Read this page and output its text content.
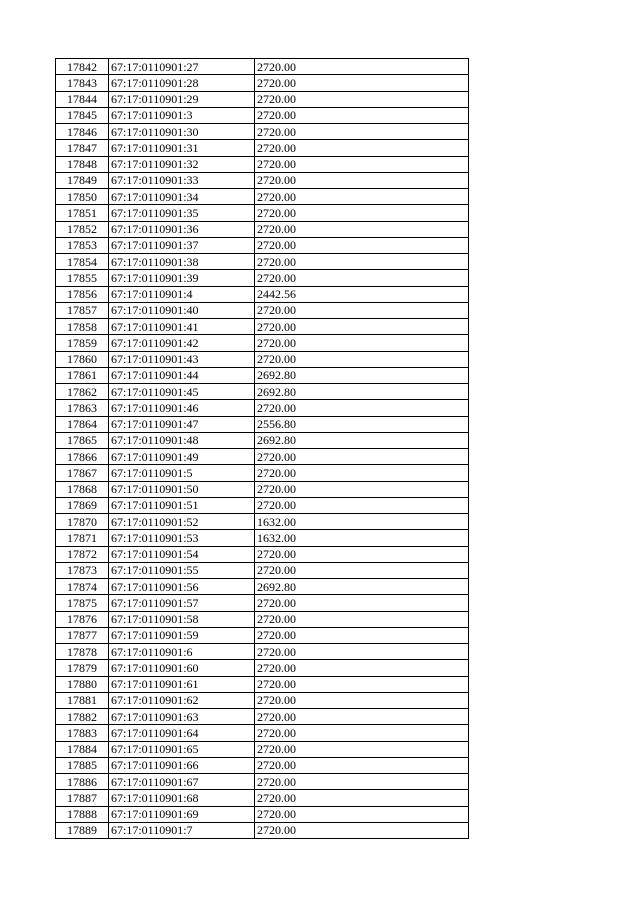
17842	67:17:0110901:27	2720.00
17843	67:17:0110901:28	2720.00
17844	67:17:0110901:29	2720.00
17845	67:17:0110901:3	2720.00
17846	67:17:0110901:30	2720.00
17847	67:17:0110901:31	2720.00
17848	67:17:0110901:32	2720.00
17849	67:17:0110901:33	2720.00
17850	67:17:0110901:34	2720.00
17851	67:17:0110901:35	2720.00
17852	67:17:0110901:36	2720.00
17853	67:17:0110901:37	2720.00
17854	67:17:0110901:38	2720.00
17855	67:17:0110901:39	2720.00
17856	67:17:0110901:4	2442.56
17857	67:17:0110901:40	2720.00
17858	67:17:0110901:41	2720.00
17859	67:17:0110901:42	2720.00
17860	67:17:0110901:43	2720.00
17861	67:17:0110901:44	2692.80
17862	67:17:0110901:45	2692.80
17863	67:17:0110901:46	2720.00
17864	67:17:0110901:47	2556.80
17865	67:17:0110901:48	2692.80
17866	67:17:0110901:49	2720.00
17867	67:17:0110901:5	2720.00
17868	67:17:0110901:50	2720.00
17869	67:17:0110901:51	2720.00
17870	67:17:0110901:52	1632.00
17871	67:17:0110901:53	1632.00
17872	67:17:0110901:54	2720.00
17873	67:17:0110901:55	2720.00
17874	67:17:0110901:56	2692.80
17875	67:17:0110901:57	2720.00
17876	67:17:0110901:58	2720.00
17877	67:17:0110901:59	2720.00
17878	67:17:0110901:6	2720.00
17879	67:17:0110901:60	2720.00
17880	67:17:0110901:61	2720.00
17881	67:17:0110901:62	2720.00
17882	67:17:0110901:63	2720.00
17883	67:17:0110901:64	2720.00
17884	67:17:0110901:65	2720.00
17885	67:17:0110901:66	2720.00
17886	67:17:0110901:67	2720.00
17887	67:17:0110901:68	2720.00
17888	67:17:0110901:69	2720.00
17889	67:17:0110901:7	2720.00
